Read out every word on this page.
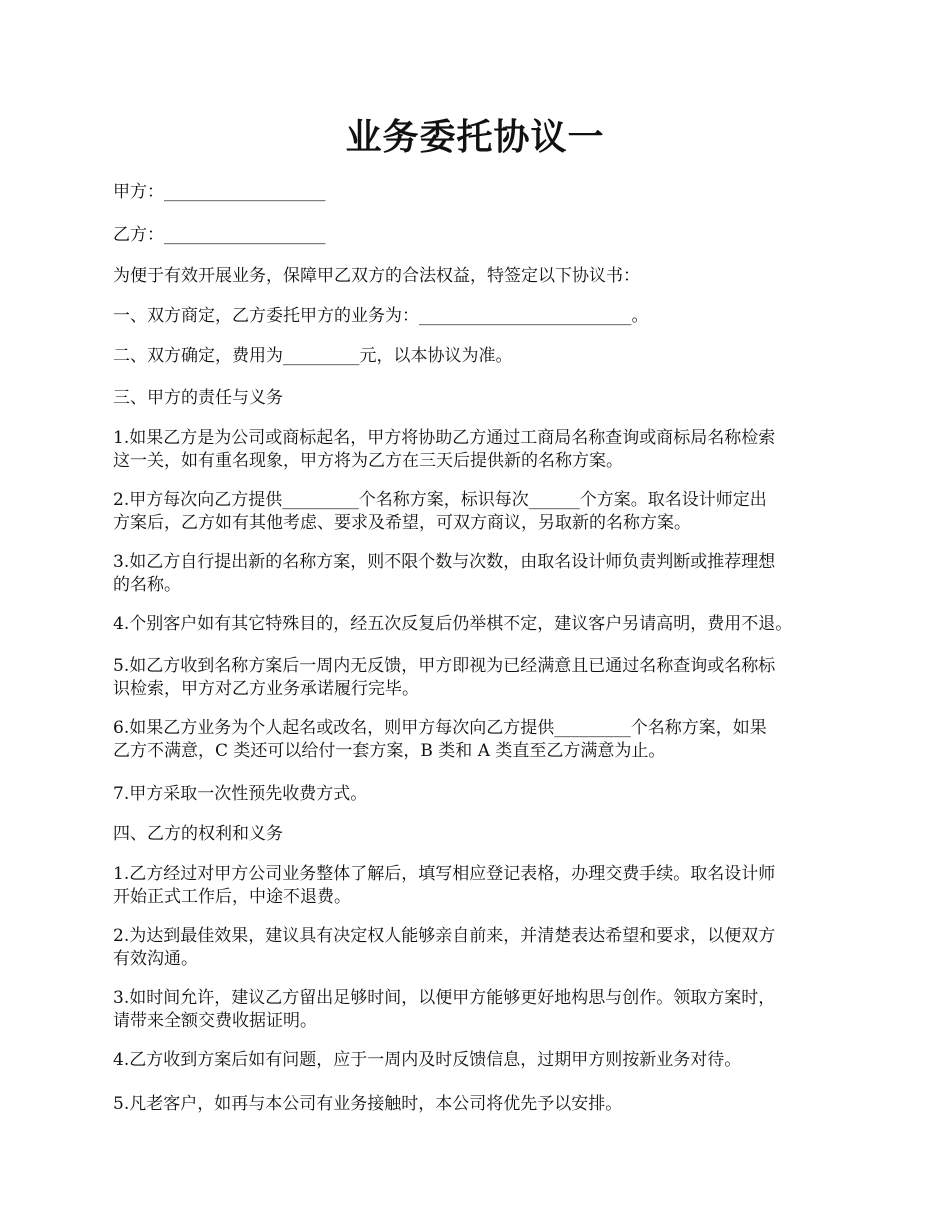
业务委托协议一
甲方：___________________
乙方：___________________
为便于有效开展业务，保障甲乙双方的合法权益，特签定以下协议书：
一、双方商定，乙方委托甲方的业务为：_________________________。
二、双方确定，费用为_________元，以本协议为准。
三、甲方的责任与义务
1.如果乙方是为公司或商标起名，甲方将协助乙方通过工商局名称查询或商标局名称检索
这一关，如有重名现象，甲方将为乙方在三天后提供新的名称方案。
2.甲方每次向乙方提供_________个名称方案，标识每次______个方案。取名设计师定出
方案后，乙方如有其他考虑、要求及希望，可双方商议，另取新的名称方案。
3.如乙方自行提出新的名称方案，则不限个数与次数，由取名设计师负责判断或推荐理想
的名称。
4.个别客户如有其它特殊目的，经五次反复后仍举棋不定，建议客户另请高明，费用不退。
5.如乙方收到名称方案后一周内无反馈，甲方即视为已经满意且已通过名称查询或名称标
识检索，甲方对乙方业务承诺履行完毕。
6.如果乙方业务为个人起名或改名，则甲方每次向乙方提供_________个名称方案，如果
乙方不满意，C 类还可以给付一套方案，B 类和 A 类直至乙方满意为止。
7.甲方采取一次性预先收费方式。
四、乙方的权利和义务
1.乙方经过对甲方公司业务整体了解后，填写相应登记表格，办理交费手续。取名设计师
开始正式工作后，中途不退费。
2.为达到最佳效果，建议具有决定权人能够亲自前来，并清楚表达希望和要求，以便双方
有效沟通。
3.如时间允许，建议乙方留出足够时间，以便甲方能够更好地构思与创作。领取方案时，
请带来全额交费收据证明。
4.乙方收到方案后如有问题，应于一周内及时反馈信息，过期甲方则按新业务对待。
5.凡老客户，如再与本公司有业务接触时，本公司将优先予以安排。
